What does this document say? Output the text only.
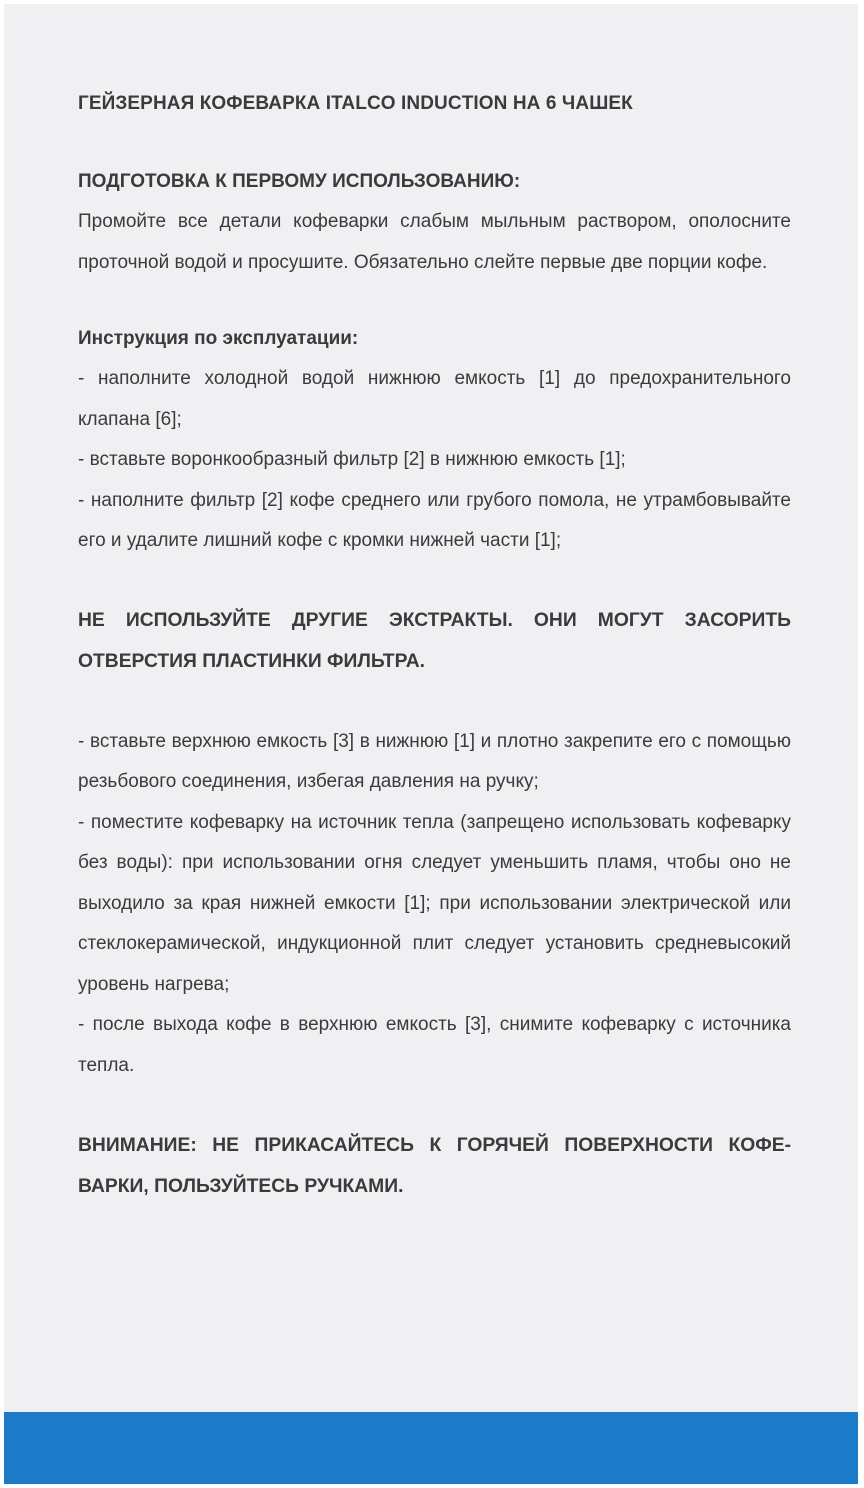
ГЕЙЗЕРНАЯ КОФЕВАРКА ITALCO INDUCTION НА 6 ЧАШЕК

ПОДГОТОВКА К ПЕРВОМУ ИСПОЛЬЗОВАНИЮ:

Промойте все детали кофеварки слабым мыльным раствором, ополосните проточной водой и просушите. Обязательно слейте первые две порции кофе.

Инструкция по эксплуатации:

- наполните холодной водой нижнюю емкость [1] до предохранительного клапана [6];

- вставьте воронкообразный фильтр [2] в нижнюю емкость [1];

- наполните фильтр [2] кофе среднего или грубого помола, не утрамбовывайте его и удалите лишний кофе с кромки нижней части [1];

НЕ ИСПОЛЬЗУЙТЕ ДРУГИЕ ЭКСТРАКТЫ. ОНИ МОГУТ ЗАСОРИТЬ ОТВЕРСТИЯ ПЛАСТИНКИ ФИЛЬТРА.

- вставьте верхнюю емкость [3] в нижнюю [1] и плотно закрепите его с помощью резьбового соединения, избегая давления на ручку;

- поместите кофеварку на источник тепла (запрещено использовать кофеварку без воды): при использовании огня следует уменьшить пламя, чтобы оно не выходило за края нижней емкости [1]; при использовании электрической или стеклокерамической, индукционной плит следует установить средневысокий уровень нагрева;

- после выхода кофе в верхнюю емкость [3], снимите кофеварку с источника тепла.

ВНИМАНИЕ: НЕ ПРИКАСАЙТЕСЬ К ГОРЯЧЕЙ ПОВЕРХНОСТИ КОФЕВАРКИ, ПОЛЬЗУЙТЕСЬ РУЧКАМИ.
